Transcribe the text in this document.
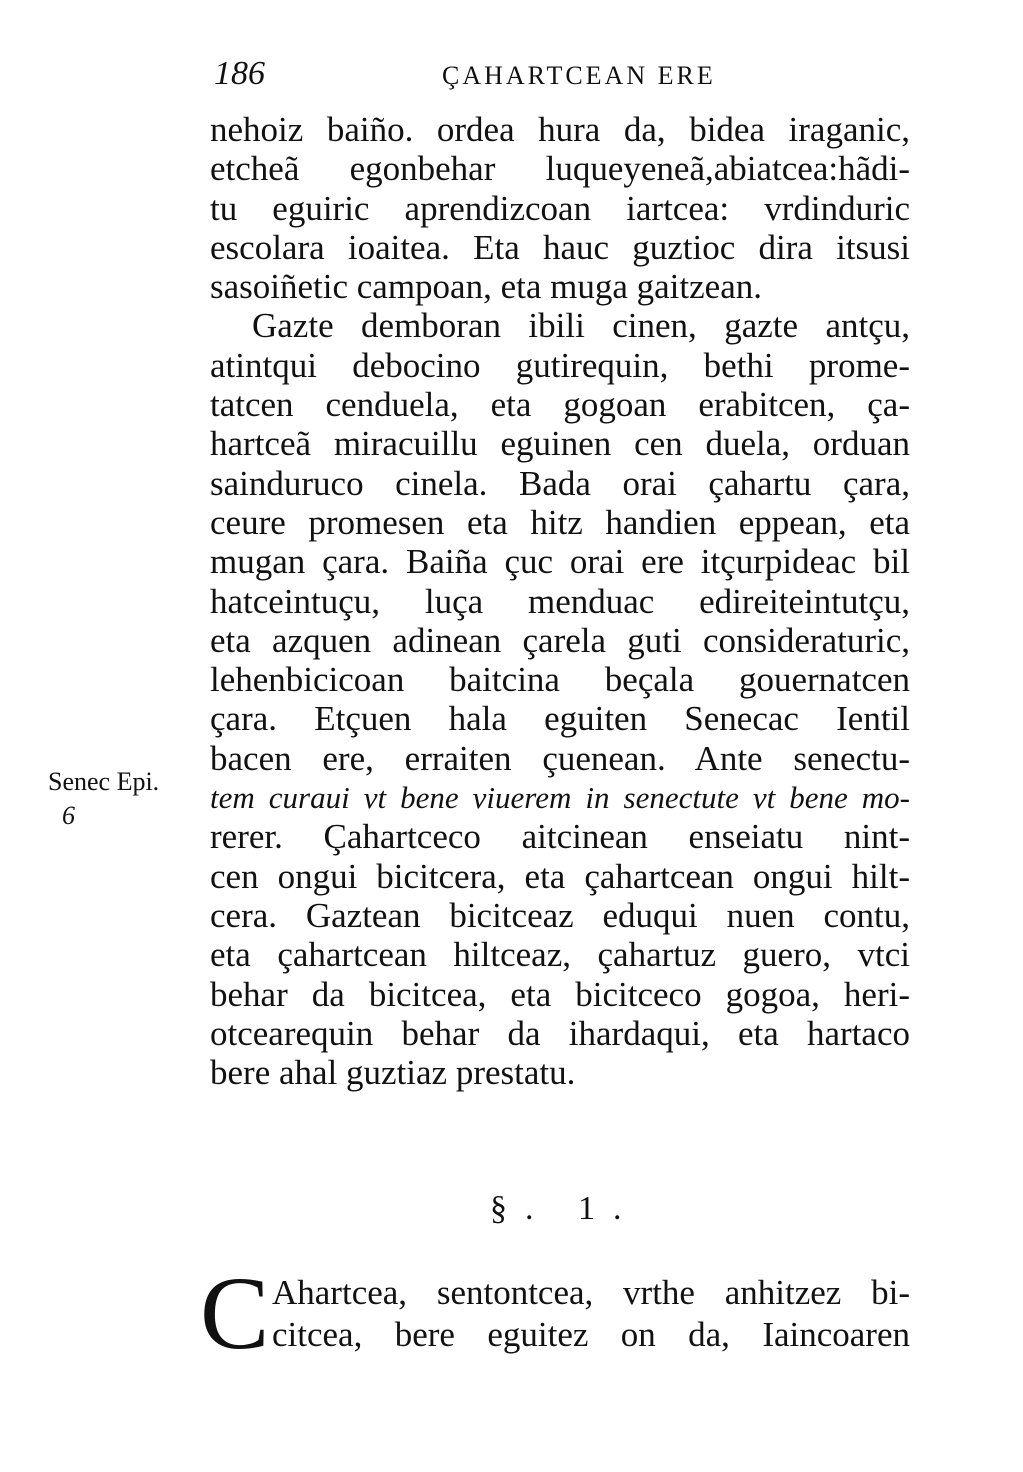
186	ÇAHARTCEAN ERE
nehoiz baiño. ordea hura da, bidea iraganic,
etcheã egonbehar luqueyeneã,abiatcea:hãdi-
tu eguiric aprendizcoan iartcea: vrdinduric
escolara ioaitea. Eta hauc guztioc dira itsusi
sasoiñetic campoan, eta muga gaitzean.
Gazte demboran ibili cinen, gazte antçu,
atintqui debocino gutirequin, bethi prome-
tatcen cenduela, eta gogoan erabitcen, ça-
hartceã miracuillu eguinen cen duela, orduan
sainduruco cinela. Bada orai çahartu çara,
ceure promesen eta hitz handien eppean, eta
mugan çara. Baiña çuc orai ere itçurpideac bil
hatceintuçu, luça menduac edireiteintutçu,
eta azquen adinean çarela guti consideraturic,
lehenbicicoan baitcina beçala gouernatcen
çara. Etçuen hala eguiten Senecac Ientil
bacen ere, erraiten çuenean. Ante senectu-
tem curaui vt bene viuerem in senectute vt bene mo-
rerer. Çahartceco aitcinean enseiatu nint-
cen ongui bicitcera, eta çahartcean ongui hilt-
cera. Gaztean bicitceaz eduqui nuen contu,
eta çahartcean hiltceaz, çahartuz guero, vtci
behar da bicitcea, eta bicitceco gogoa, heri-
otcearequin behar da ihardaqui, eta hartaco
bere ahal guztiaz prestatu.
Senec Epi.
6
§. 1.
C Ahartcea, sentontcea, vrthe anhitzez bi-
citcea, bere eguitez on da, Iaincoaren
